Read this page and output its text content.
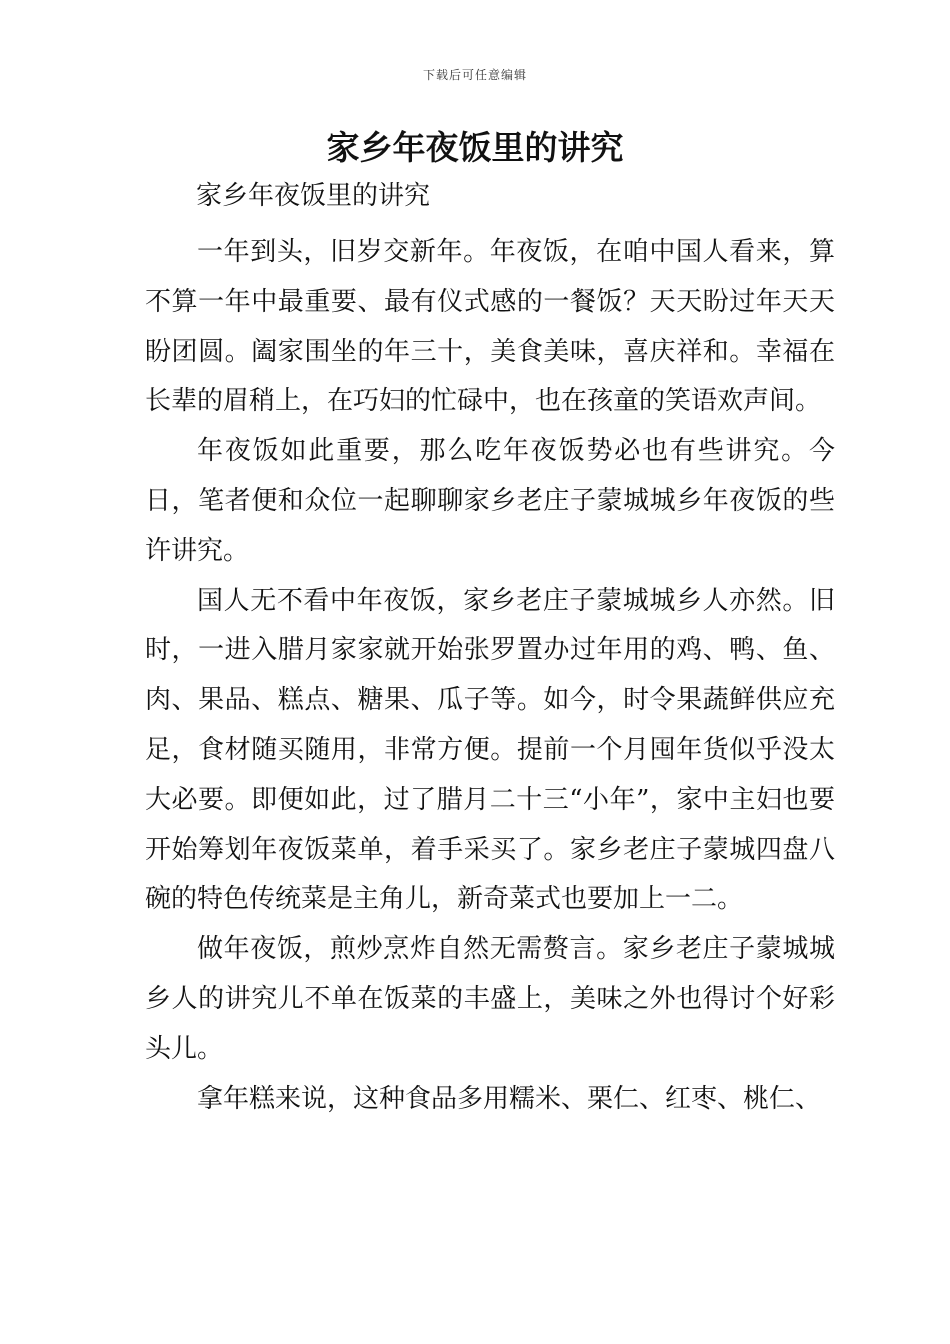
下载后可任意编辑
家乡年夜饭里的讲究
家乡年夜饭里的讲究

一年到头，旧岁交新年。年夜饭，在咱中国人看来，算不算一年中最重要、最有仪式感的一餐饭？天天盼过年天天盼团圆。阖家围坐的年三十，美食美味，喜庆祥和。幸福在长辈的眉稍上，在巧妇的忙碌中，也在孩童的笑语欢声间。

年夜饭如此重要，那么吃年夜饭势必也有些讲究。今日，笔者便和众位一起聊聊家乡老庄子蒙城城乡年夜饭的些许讲究。

国人无不看中年夜饭，家乡老庄子蒙城城乡人亦然。旧时，一进入腊月家家就开始张罗置办过年用的鸡、鸭、鱼、肉、果品、糕点、糖果、瓜子等。如今，时令果蔬鲜供应充足，食材随买随用，非常方便。提前一个月囤年货似乎没太大必要。即便如此，过了腊月二十三“小年”，家中主妇也要开始筹划年夜饭菜单，着手采买了。家乡老庄子蒙城四盘八碗的特色传统菜是主角儿，新奇菜式也要加上一二。

做年夜饭，煎炒烹炸自然无需赘言。家乡老庄子蒙城城乡人的讲究儿不单在饭菜的丰盛上，美味之外也得讨个好彩头儿。

拿年糕来说，这种食品多用糯米、栗仁、红枣、桃仁、
